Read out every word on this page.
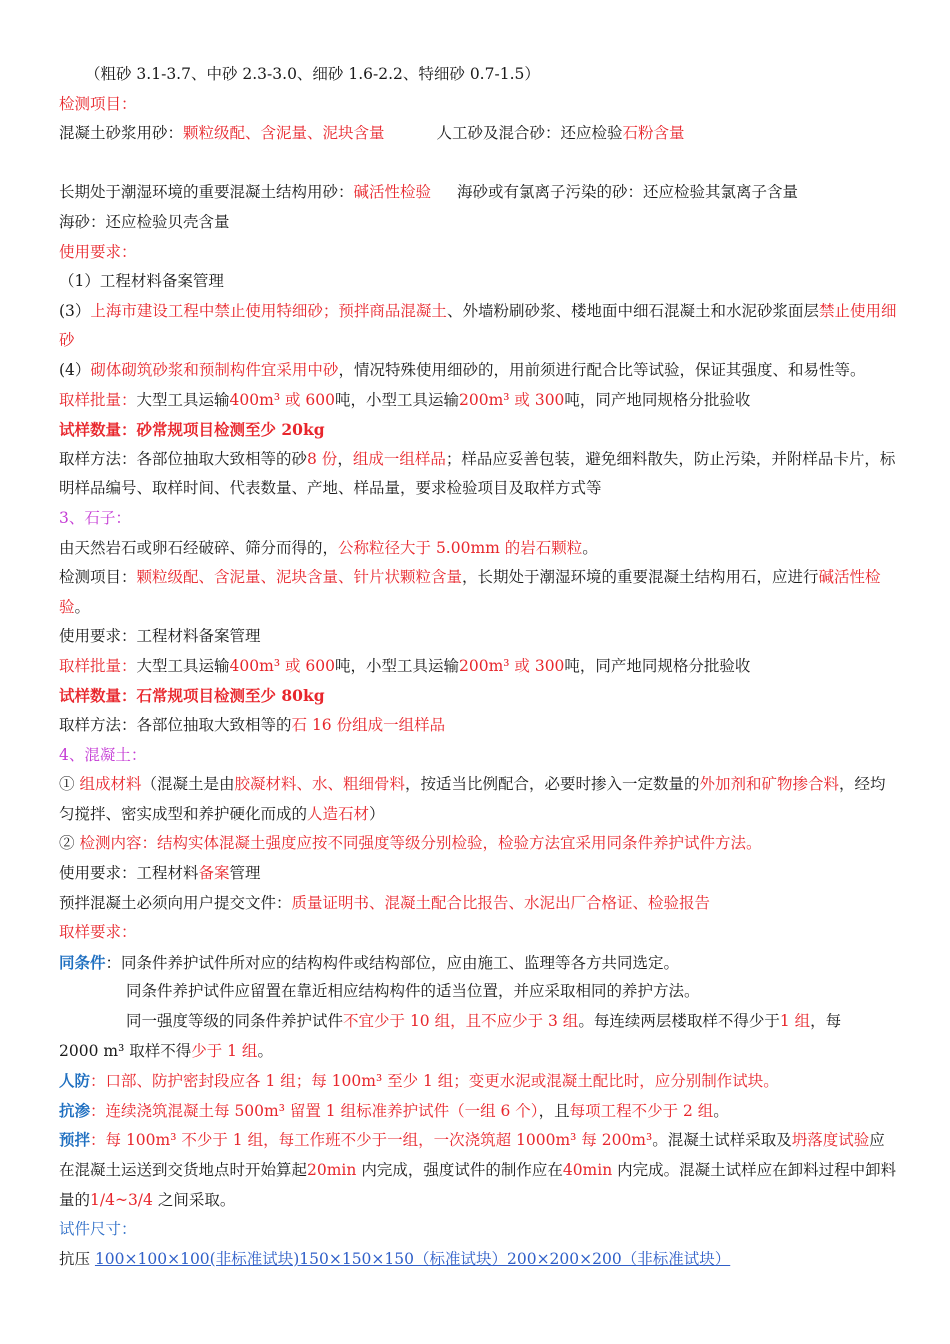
（粗砂 3.1-3.7、中砂 2.3-3.0、细砂 1.6-2.2、特细砂 0.7-1.5）
检测项目：
混凝土砂浆用砂：颗粒级配、含泥量、泥块含量	人工砂及混合砂：还应检验石粉含量
长期处于潮湿环境的重要混凝土结构用砂：碱活性检验 海砂或有氯离子污染的砂：还应检验其氯离子含量
海砂：还应检验贝壳含量
使用要求：
（1）工程材料备案管理
(3）上海市建设工程中禁止使用特细砂；预拌商品混凝土、外墙粉刷砂浆、楼地面中细石混凝土和水泥砂浆面层禁止使用细砂
(4）砌体砌筑砂浆和预制构件宜采用中砂，情况特殊使用细砂的，用前须进行配合比等试验，保证其强度、和易性等。
取样批量：大型工具运输400m³ 或 600吨，小型工具运输200m³ 或 300吨，同产地同规格分批验收
试样数量：砂常规项目检测至少 20kg
取样方法：各部位抽取大致相等的砂8 份，组成一组样品；样品应妥善包装，避免细料散失，防止污染，并附样品卡片，标明样品编号、取样时间、代表数量、产地、样品量，要求检验项目及取样方式等
3、石子：
由天然岩石或卵石经破碎、筛分而得的，公称粒径大于 5.00mm 的岩石颗粒。
检测项目：颗粒级配、含泥量、泥块含量、针片状颗粒含量，长期处于潮湿环境的重要混凝土结构用石，应进行碱活性检验。
使用要求：工程材料备案管理
取样批量：大型工具运输400m³ 或 600吨，小型工具运输200m³ 或 300吨，同产地同规格分批验收
试样数量：石常规项目检测至少 80kg
取样方法：各部位抽取大致相等的石 16 份组成一组样品
4、混凝土：
① 组成材料（混凝土是由胶凝材料、水、粗细骨料，按适当比例配合，必要时掺入一定数量的外加剂和矿物掺合料，经均匀搅拌、密实成型和养护硬化而成的人造石材）
② 检测内容：结构实体混凝土强度应按不同强度等级分别检验，检验方法宜采用同条件养护试件方法。
使用要求：工程材料备案管理
预拌混凝土必须向用户提交文件：质量证明书、混凝土配合比报告、水泥出厂合格证、检验报告
取样要求：
同条件：同条件养护试件所对应的结构构件或结构部位，应由施工、监理等各方共同选定。
同条件养护试件应留置在靠近相应结构构件的适当位置，并应采取相同的养护方法。
同一强度等级的同条件养护试件不宜少于 10 组，且不应少于 3 组。每连续两层楼取样不得少于1 组，每
2000 m³ 取样不得少于 1 组。
人防：口部、防护密封段应各 1 组；每 100m³ 至少 1 组；变更水泥或混凝土配比时，应分别制作试块。
抗渗：连续浇筑混凝土每 500m³ 留置 1 组标准养护试件（一组 6 个），且每项工程不少于 2 组。
预拌：每 100m³ 不少于 1 组，每工作班不少于一组，一次浇筑超 1000m³ 每 200m³。混凝土试样采取及坍落度试验应在混凝土运送到交货地点时开始算起20min 内完成，强度试件的制作应在40min 内完成。混凝土试样应在卸料过程中卸料量的1/4~3/4 之间采取。
试件尺寸：
抗压 100×100×100(非标准试块)150×150×150（标准试块）200×200×200（非标准试块）
